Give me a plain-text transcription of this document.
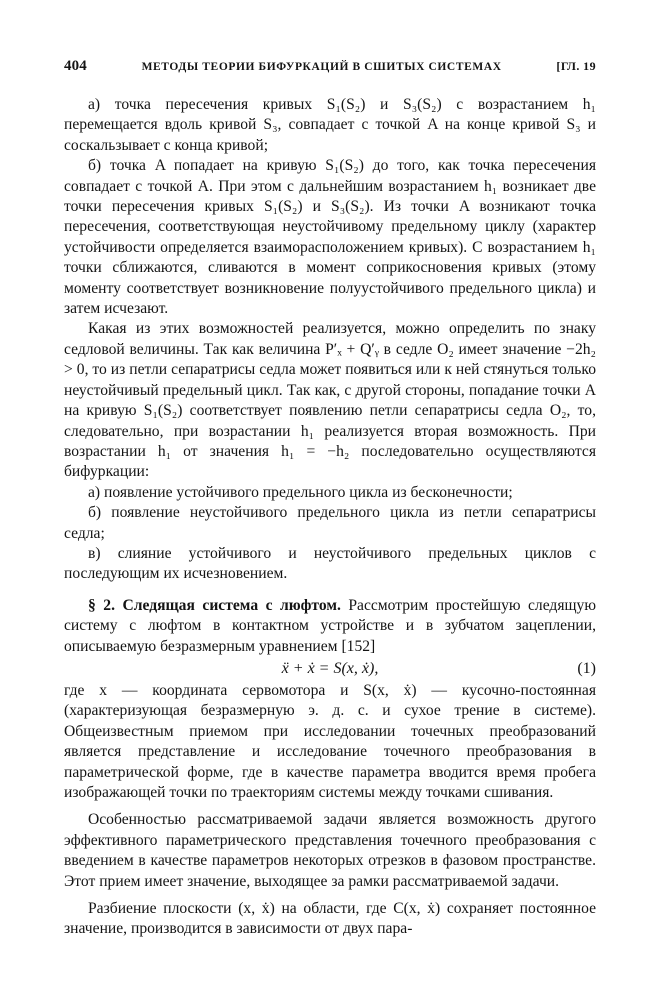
404	МЕТОДЫ ТЕОРИИ БИФУРКАЦИЙ В СШИТЫХ СИСТЕМАХ	[ГЛ. 19

а) точка пересечения кривых S₁(S₂) и S₃(S₂) с возрастанием h₁ перемещается вдоль кривой S₃, совпадает с точкой A на конце кривой S₃ и соскальзывает с конца кривой;

б) точка A попадает на кривую S₁(S₂) до того, как точка пересечения совпадает с точкой A. При этом с дальнейшим возрастанием h₁ возникает две точки пересечения кривых S₁(S₂) и S₃(S₂). Из точки A возникают точка пересечения, соответствующая неустойчивому предельному циклу (характер устойчивости определяется взаиморасположением кривых). С возрастанием h₁ точки сближаются, сливаются в момент соприкосновения кривых (этому моменту соответствует возникновение полуустойчивого предельного цикла) и затем исчезают.

Какая из этих возможностей реализуется, можно определить по знаку седловой величины. Так как величина P′ₓ + Q′ᵧ в седле O₂ имеет значение −2h₂ > 0, то из петли сепаратрисы седла может появиться или к ней стянуться только неустойчивый предельный цикл. Так как, с другой стороны, попадание точки A на кривую S₁(S₂) соответствует появлению петли сепаратрисы седла O₂, то, следовательно, при возрастании h₁ реализуется вторая возможность. При возрастании h₁ от значения h₁ = −h₂ последовательно осуществляются бифуркации:

а) появление устойчивого предельного цикла из бесконечности;

б) появление неустойчивого предельного цикла из петли сепаратрисы седла;

в) слияние устойчивого и неустойчивого предельных циклов с последующим их исчезновением.

§ 2. Следящая система с люфтом. Рассмотрим простейшую следящую систему с люфтом в контактном устройстве и в зубчатом зацеплении, описываемую безразмерным уравнением [152]

ẍ + ẋ = S(x, ẋ),	(1)

где x — координата сервомотора и S(x, ẋ) — кусочно-постоянная (характеризующая безразмерную э. д. с. и сухое трение в системе). Общеизвестным приемом при исследовании точечных преобразований является представление и исследование точечного преобразования в параметрической форме, где в качестве параметра вводится время пробега изображающей точки по траекториям системы между точками сшивания.

Особенностью рассматриваемой задачи является возможность другого эффективного параметрического представления точечного преобразования с введением в качестве параметров некоторых отрезков в фазовом пространстве. Этот прием имеет значение, выходящее за рамки рассматриваемой задачи.

Разбиение плоскости (x, ẋ) на области, где C(x, ẋ) сохраняет постоянное значение, производится в зависимости от двух пара-
